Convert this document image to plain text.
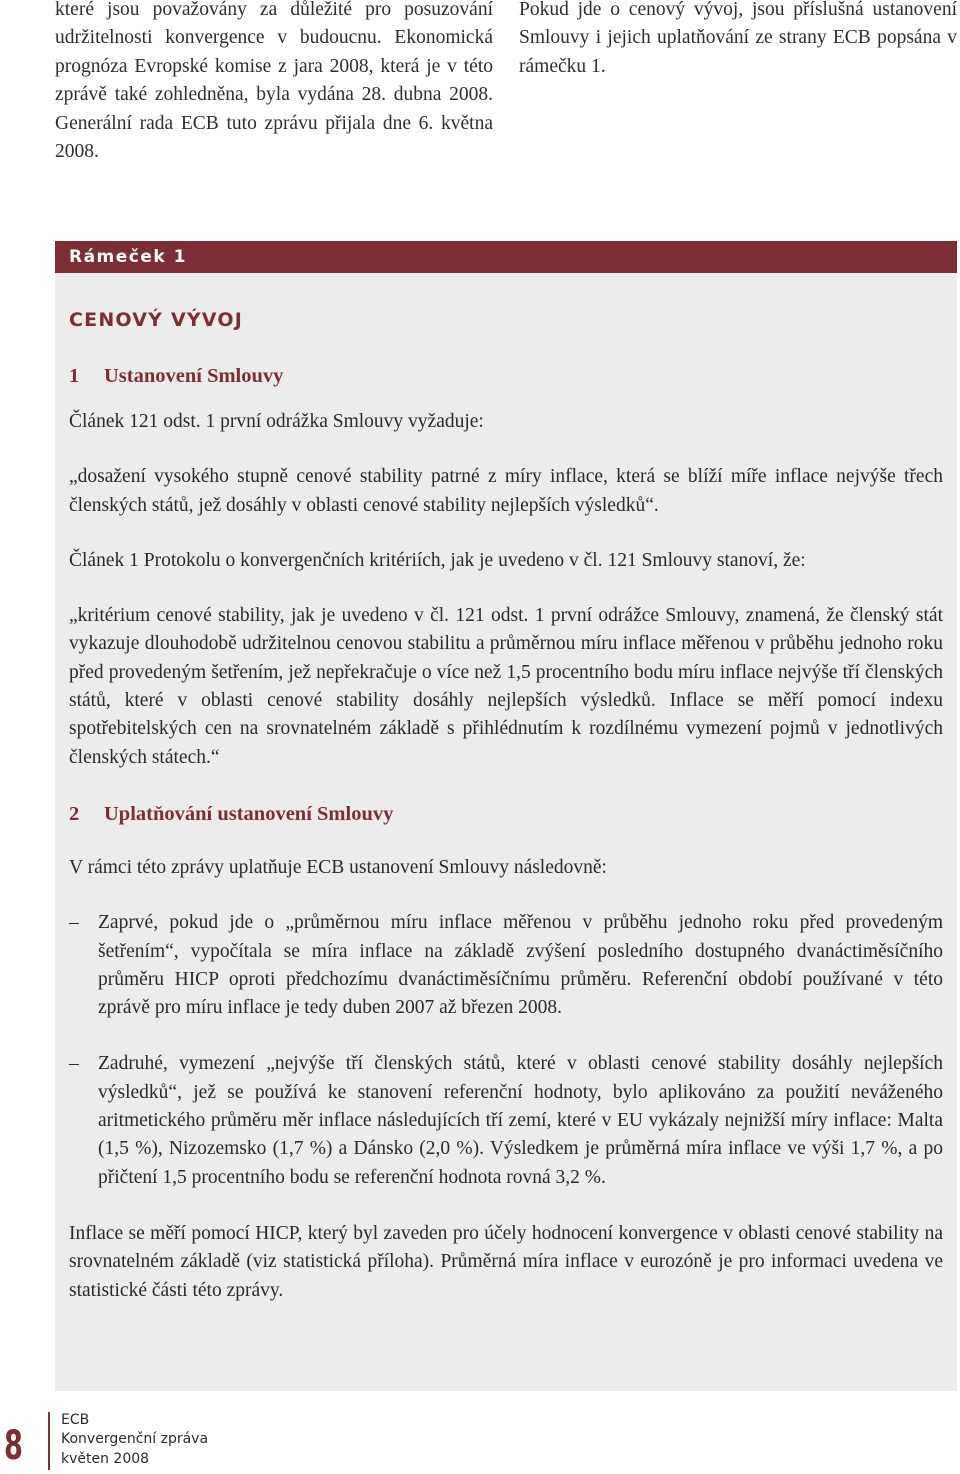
které jsou považovány za důležité pro posuzování udržitelnosti konvergence v budoucnu. Ekonomická prognóza Evropské komise z jara 2008, která je v této zprávě také zohledněna, byla vydána 28. dubna 2008. Generální rada ECB tuto zprávu přijala dne 6. května 2008.
Pokud jde o cenový vývoj, jsou příslušná ustanovení Smlouvy i jejich uplatňování ze strany ECB popsána v rámečku 1.
Rámeček 1
CENOVÝ VÝVOJ
1 Ustanovení Smlouvy

Článek 121 odst. 1 první odrážka Smlouvy vyžaduje:

„dosažení vysokého stupně cenové stability patrné z míry inflace, která se blíží míře inflace nejvýše třech členských států, jež dosáhly v oblasti cenové stability nejlepších výsledků“.

Článek 1 Protokolu o konvergenčních kritériích, jak je uvedeno v čl. 121 Smlouvy stanoví, že:

„kritérium cenové stability, jak je uvedeno v čl. 121 odst. 1 první odrážce Smlouvy, znamená, že členský stát vykazuje dlouhodobě udržitelnou cenovou stabilitu a průměrnou míru inflace měřenou v průběhu jednoho roku před provedeným šetřením, jež nepřekračuje o více než 1,5 procentního bodu míru inflace nejvýše tří členských států, které v oblasti cenové stability dosáhly nejlepších výsledků. Inflace se měří pomocí indexu spotřebitelských cen na srovnatelném základě s přihlédnutím k rozdílnému vymezení pojmů v jednotlivých členských státech.“

2 Uplatňování ustanovení Smlouvy

V rámci této zprávy uplatňuje ECB ustanovení Smlouvy následovně:

– Zaprvé, pokud jde o „průměrnou míru inflace měřenou v průběhu jednoho roku před provedeným šetřením“, vypočítala se míra inflace na základě zvýšení posledního dostupného dvanáctiměsíčního průměru HICP oproti předchozímu dvanáctiměsíčnímu průměru. Referenční období používané v této zprávě pro míru inflace je tedy duben 2007 až březen 2008.

– Zadruhé, vymezení „nejvýše tří členských států, které v oblasti cenové stability dosáhly nejlepších výsledků“, jež se používá ke stanovení referenční hodnoty, bylo aplikováno za použití neváženého aritmetického průměru měr inflace následujících tří zemí, které v EU vykázaly nejnižší míry inflace: Malta (1,5 %), Nizozemsko (1,7 %) a Dánsko (2,0 %). Výsledkem je průměrná míra inflace ve výši 1,7 %, a po přičtení 1,5 procentního bodu se referenční hodnota rovná 3,2 %.

Inflace se měří pomocí HICP, který byl zaveden pro účely hodnocení konvergence v oblasti cenové stability na srovnatelném základě (viz statistická příloha). Průměrná míra inflace v eurozóně je pro informaci uvedena ve statistické části této zprávy.

8
ECB
Konvergenční zpráva
květen 2008
